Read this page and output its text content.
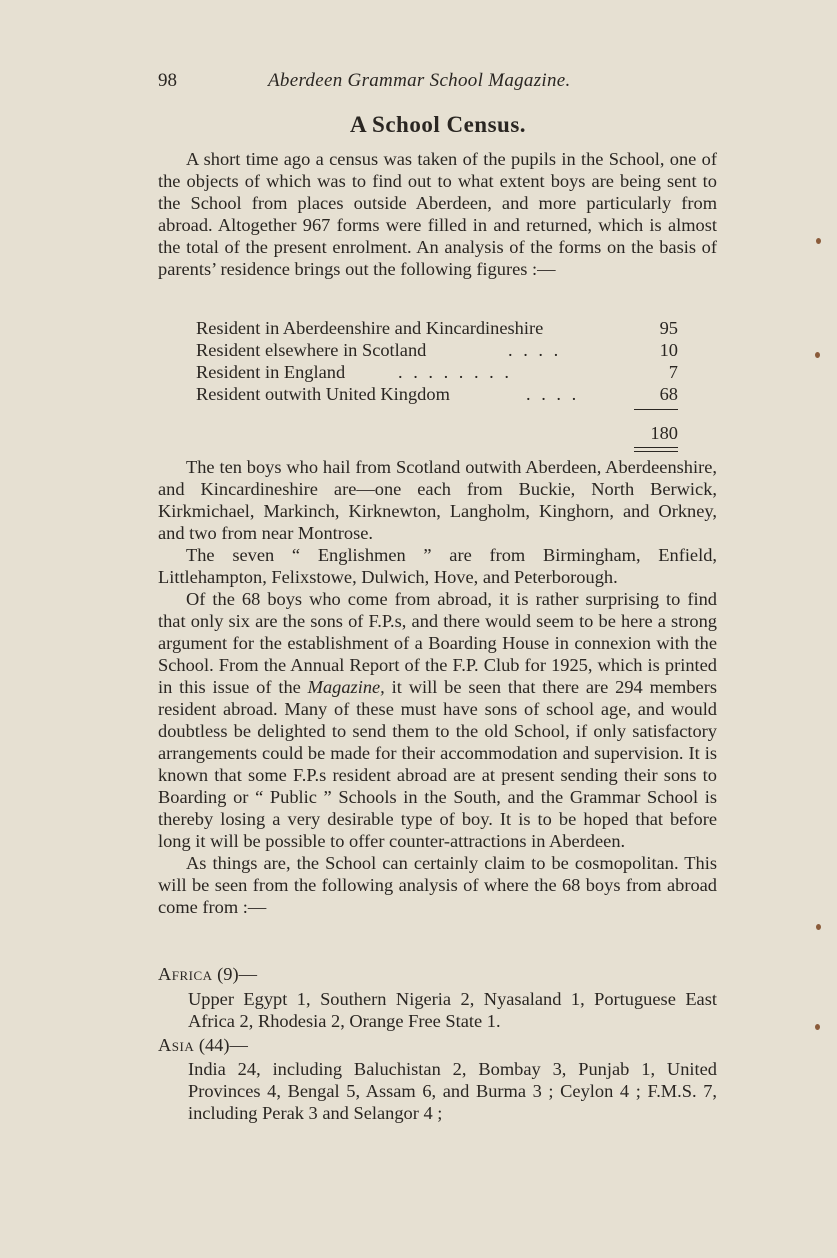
98	Aberdeen Grammar School Magazine.
A School Census.

A short time ago a census was taken of the pupils in the School, one of the objects of which was to find out to what extent boys are being sent to the School from places outside Aberdeen, and more particularly from abroad. Altogether 967 forms were filled in and returned, which is almost the total of the present enrolment. An analysis of the forms on the basis of parents’ residence brings out the following figures :—

Resident in Aberdeenshire and Kincardineshire	95
Resident elsewhere in Scotland	. . . .	10
Resident in England	. . . . . . . .	7
Resident outwith United Kingdom	. . . .	68
180

The ten boys who hail from Scotland outwith Aberdeen, Aberdeenshire, and Kincardineshire are—one each from Buckie, North Berwick, Kirkmichael, Markinch, Kirknewton, Langholm, Kinghorn, and Orkney, and two from near Montrose.

The seven “ Englishmen ” are from Birmingham, Enfield, Littlehampton, Felixstowe, Dulwich, Hove, and Peterborough.

Of the 68 boys who come from abroad, it is rather surprising to find that only six are the sons of F.P.s, and there would seem to be here a strong argument for the establishment of a Boarding House in connexion with the School. From the Annual Report of the F.P. Club for 1925, which is printed in this issue of the Magazine, it will be seen that there are 294 members resident abroad. Many of these must have sons of school age, and would doubtless be delighted to send them to the old School, if only satisfactory arrangements could be made for their accommodation and supervision. It is known that some F.P.s resident abroad are at present sending their sons to Boarding or “ Public ” Schools in the South, and the Grammar School is thereby losing a very desirable type of boy. It is to be hoped that before long it will be possible to offer counter-attractions in Aberdeen.

As things are, the School can certainly claim to be cosmopolitan. This will be seen from the following analysis of where the 68 boys from abroad come from :—

Africa (9)—
Upper Egypt 1, Southern Nigeria 2, Nyasaland 1, Portuguese East Africa 2, Rhodesia 2, Orange Free State 1.
Asia (44)—
India 24, including Baluchistan 2, Bombay 3, Punjab 1, United Provinces 4, Bengal 5, Assam 6, and Burma 3 ; Ceylon 4 ; F.M.S. 7, including Perak 3 and Selangor 4 ;
